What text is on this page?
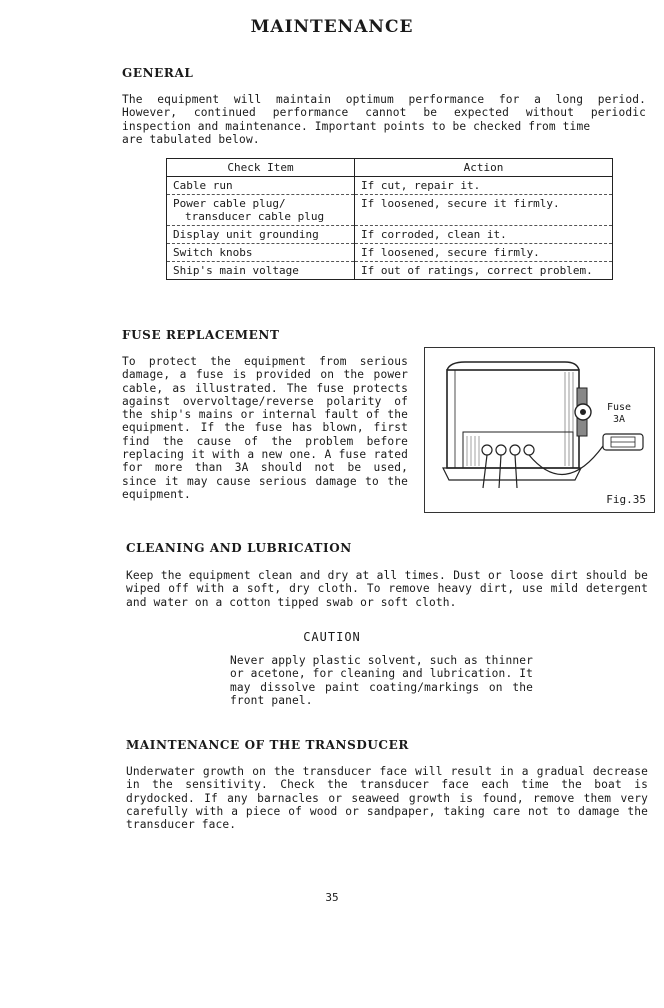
MAINTENANCE
GENERAL
The equipment will maintain optimum performance for a long period.
However, continued performance cannot be expected without periodic
inspection and maintenance. Important points to be checked from time
are tabulated below.
Check Item	Action
Cable run	If cut, repair it.

Power cable plug/
transducer cable plug	If loosened, secure it firmly.
Display unit grounding	If corroded, clean it.
Switch knobs	If loosened, secure firmly.
Ship's main voltage	If out of ratings, correct problem.
FUSE REPLACEMENT
To protect the equipment from serious
damage, a fuse is provided on the power
cable, as illustrated. The fuse protects
against overvoltage/reverse polarity of
the ship's mains or internal fault of the
equipment. If the fuse has blown, first
find the cause of the problem before
replacing it with a new one. A fuse rated
for more than 3A should not be used,
since it may cause serious damage to the
equipment.
Fuse
3A
Fig.35
CLEANING AND LUBRICATION
Keep the equipment clean and dry at all times. Dust or loose dirt should be
wiped off with a soft, dry cloth. To remove heavy dirt, use mild detergent
and water on a cotton tipped swab or soft cloth.
CAUTION
Never apply plastic solvent, such as thinner
or acetone, for cleaning and lubrication. It
may dissolve paint coating/markings on the
front panel.
MAINTENANCE OF THE TRANSDUCER
Underwater growth on the transducer face will result in a gradual decrease
in the sensitivity. Check the transducer face each time the boat is
drydocked. If any barnacles or seaweed growth is found, remove them very
carefully with a piece of wood or sandpaper, taking care not to damage the
transducer face.
35
